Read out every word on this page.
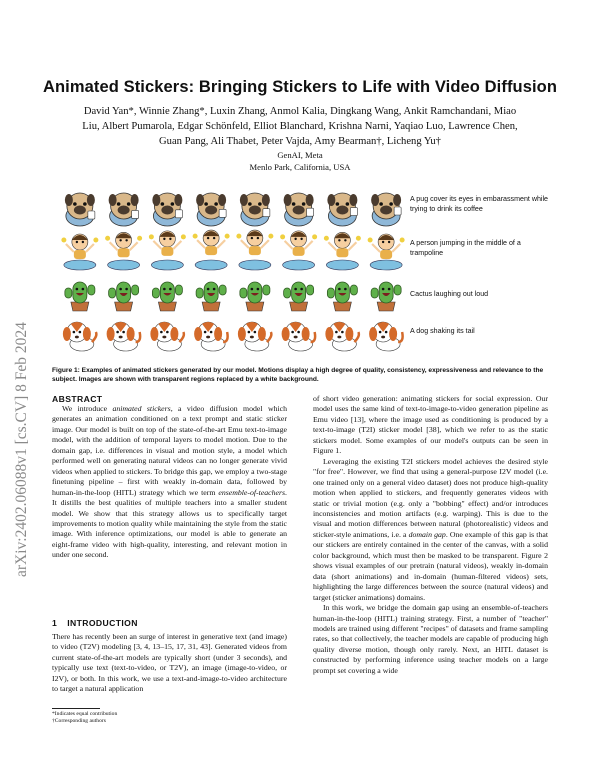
arXiv:2402.06088v1 [cs.CV] 8 Feb 2024
Animated Stickers: Bringing Stickers to Life with Video Diffusion
David Yan*, Winnie Zhang*, Luxin Zhang, Anmol Kalia, Dingkang Wang, Ankit Ramchandani, Miao
Liu, Albert Pumarola, Edgar Schönfeld, Elliot Blanchard, Krishna Narni, Yaqiao Luo, Lawrence Chen,
Guan Pang, Ali Thabet, Peter Vajda, Amy Bearman†, Licheng Yu†
GenAI, Meta
Menlo Park, California, USA
A pug cover its eyes in embarassment while trying to drink its coffee
A person jumping in the middle of a trampoline
Cactus laughing out loud
A dog shaking its tail
Figure 1: Examples of animated stickers generated by our model. Motions display a high degree of quality, consistency, expressiveness and relevance to the subject. Images are shown with transparent regions replaced by a white background.
ABSTRACT

We introduce animated stickers, a video diffusion model which generates an animation conditioned on a text prompt and static sticker image. Our model is built on top of the state-of-the-art Emu text-to-image model, with the addition of temporal layers to model motion. Due to the domain gap, i.e. differences in visual and motion style, a model which performed well on generating natural videos can no longer generate vivid videos when applied to stickers. To bridge this gap, we employ a two-stage finetuning pipeline – first with weakly in-domain data, followed by human-in-the-loop (HITL) strategy which we term ensemble-of-teachers. It distills the best qualities of multiple teachers into a smaller student model. We show that this strategy allows us to specifically target improvements to motion quality while maintaining the style from the static image. With inference optimizations, our model is able to generate an eight-frame video with high-quality, interesting, and relevant motion in under one second.

1 INTRODUCTION

There has recently been an surge of interest in generative text (and image) to video (T2V) modeling [3, 4, 13–15, 17, 31, 43]. Generated videos from current state-of-the-art models are typically short (under 3 seconds), and typically use text (text-to-video, or T2V), an image (image-to-video, or I2V), or both. In this work, we use a text-and-image-to-video architecture to target a natural application

*Indicates equal contribution
†Corresponding authors

of short video generation: animating stickers for social expression. Our model uses the same kind of text-to-image-to-video generation pipeline as Emu video [13], where the image used as conditioning is produced by a text-to-image (T2I) sticker model [38], which we refer to as the static stickers model. Some examples of our model's outputs can be seen in Figure 1.

Leveraging the existing T2I stickers model achieves the desired style "for free". However, we find that using a general-purpose I2V model (i.e. one trained only on a general video dataset) does not produce high-quality motion when applied to stickers, and frequently generates videos with static or trivial motion (e.g. only a "bobbing" effect) and/or introduces inconsistencies and motion artifacts (e.g. warping). This is due to the visual and motion differences between natural (photorealistic) videos and sticker-style animations, i.e. a domain gap. One example of this gap is that our stickers are entirely contained in the center of the canvas, with a solid color background, which must then be masked to be transparent. Figure 2 shows visual examples of our pretrain (natural videos), weakly in-domain data (short animations) and in-domain (human-filtered videos) sets, highlighting the large differences between the source (natural videos) and target (sticker animations) domains.

In this work, we bridge the domain gap using an ensemble-of-teachers human-in-the-loop (HITL) training strategy. First, a number of "teacher" models are trained using different "recipes" of datasets and frame sampling rates, so that collectively, the teacher models are capable of producing high quality diverse motion, though only rarely. Next, an HITL dataset is constructed by performing inference using teacher models on a large prompt set covering a wide
